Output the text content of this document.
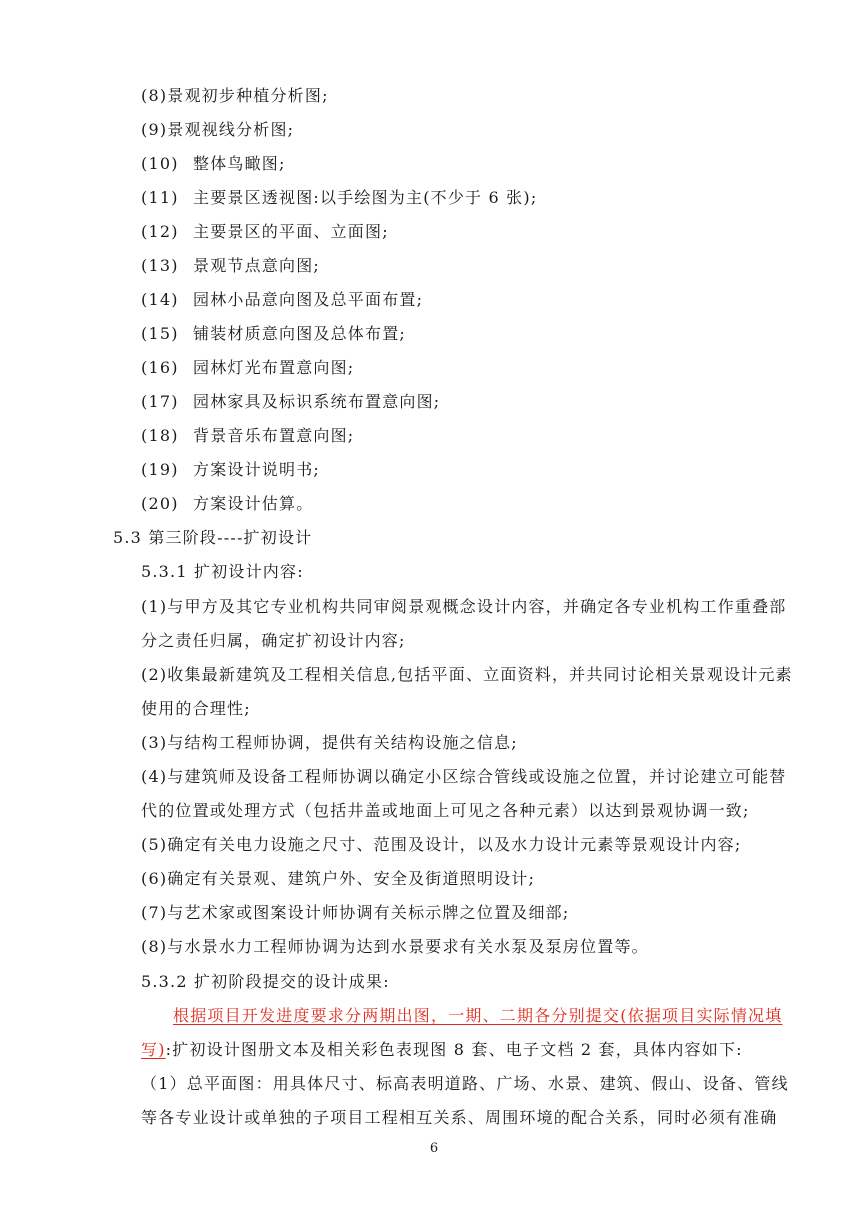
(8)景观初步种植分析图;
(9)景观视线分析图;
(10) 整体鸟瞰图;
(11) 主要景区透视图:以手绘图为主(不少于 6 张);
(12) 主要景区的平面、立面图;
(13) 景观节点意向图;
(14) 园林小品意向图及总平面布置;
(15) 铺装材质意向图及总体布置;
(16) 园林灯光布置意向图;
(17) 园林家具及标识系统布置意向图;
(18) 背景音乐布置意向图;
(19) 方案设计说明书;
(20) 方案设计估算。
5.3 第三阶段----扩初设计
5.3.1 扩初设计内容:
(1)与甲方及其它专业机构共同审阅景观概念设计内容，并确定各专业机构工作重叠部
分之责任归属，确定扩初设计内容;
(2)收集最新建筑及工程相关信息,包括平面、立面资料，并共同讨论相关景观设计元素
使用的合理性;
(3)与结构工程师协调，提供有关结构设施之信息;
(4)与建筑师及设备工程师协调以确定小区综合管线或设施之位置，并讨论建立可能替
代的位置或处理方式（包括井盖或地面上可见之各种元素）以达到景观协调一致;
(5)确定有关电力设施之尺寸、范围及设计，以及水力设计元素等景观设计内容;
(6)确定有关景观、建筑户外、安全及街道照明设计;
(7)与艺术家或图案设计师协调有关标示牌之位置及细部;
(8)与水景水力工程师协调为达到水景要求有关水泵及泵房位置等。
5.3.2 扩初阶段提交的设计成果:
根据项目开发进度要求分两期出图，一期、二期各分别提交(依据项目实际情况填
写):扩初设计图册文本及相关彩色表现图 8 套、电子文档 2 套，具体内容如下:
（1）总平面图：用具体尺寸、标高表明道路、广场、水景、建筑、假山、设备、管线
等各专业设计或单独的子项目工程相互关系、周围环境的配合关系，同时必须有准确
6
